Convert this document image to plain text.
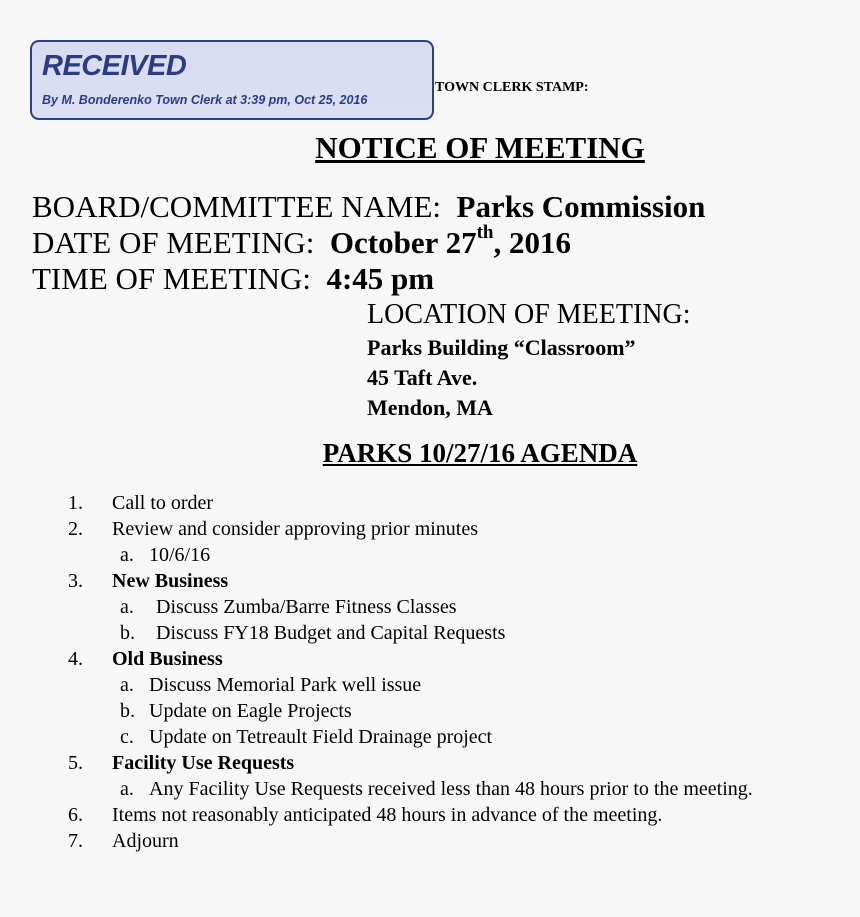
RECEIVED
By M. Bonderenko Town Clerk at 3:39 pm, Oct 25, 2016
TOWN CLERK STAMP:
NOTICE OF MEETING
BOARD/COMMITTEE NAME: Parks Commission
DATE OF MEETING: October 27th, 2016
TIME OF MEETING: 4:45 pm
LOCATION OF MEETING:
Parks Building “Classroom”
45 Taft Ave.
Mendon, MA
PARKS 10/27/16 AGENDA
1. Call to order
2. Review and consider approving prior minutes
a. 10/6/16
3. New Business
a. Discuss Zumba/Barre Fitness Classes
b. Discuss FY18 Budget and Capital Requests
4. Old Business
a. Discuss Memorial Park well issue
b. Update on Eagle Projects
c. Update on Tetreault Field Drainage project
5. Facility Use Requests
a. Any Facility Use Requests received less than 48 hours prior to the meeting.
6. Items not reasonably anticipated 48 hours in advance of the meeting.
7. Adjourn
